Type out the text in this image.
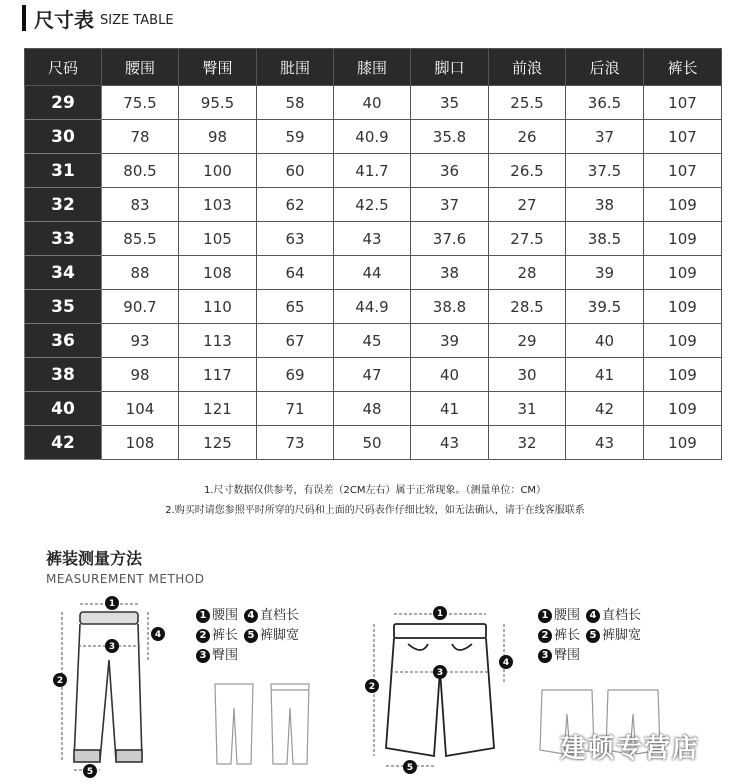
尺寸表 SIZE TABLE
尺码	腰围	臀围	肶围	膝围	脚口	前浪	后浪	裤长
29	75.5	95.5	58	40	35	25.5	36.5	107
30	78	98	59	40.9	35.8	26	37	107
31	80.5	100	60	41.7	36	26.5	37.5	107
32	83	103	62	42.5	37	27	38	109
33	85.5	105	63	43	37.6	27.5	38.5	109
34	88	108	64	44	38	28	39	109
35	90.7	110	65	44.9	38.8	28.5	39.5	109
36	93	113	67	45	39	29	40	109
38	98	117	69	47	40	30	41	109
40	104	121	71	48	41	31	42	109
42	108	125	73	50	43	32	43	109
1.尺寸数据仅供参考，有误差（2CM左右）属于正常现象。（测量单位：CM）
2.购买时请您参照平时所穿的尺码和上面的尺码表作仔细比较，如无法确认，请于在线客服联系
裤装测量方法
MEASUREMENT METHOD
1
2
3
4
5
1 腰围 4 直档长
2 裤长 5 裤脚宽
3 臀围
1
2
3
4
5
1 腰围 4 直档长
2 裤长 5 裤脚宽
3 臀围
建顿专营店
